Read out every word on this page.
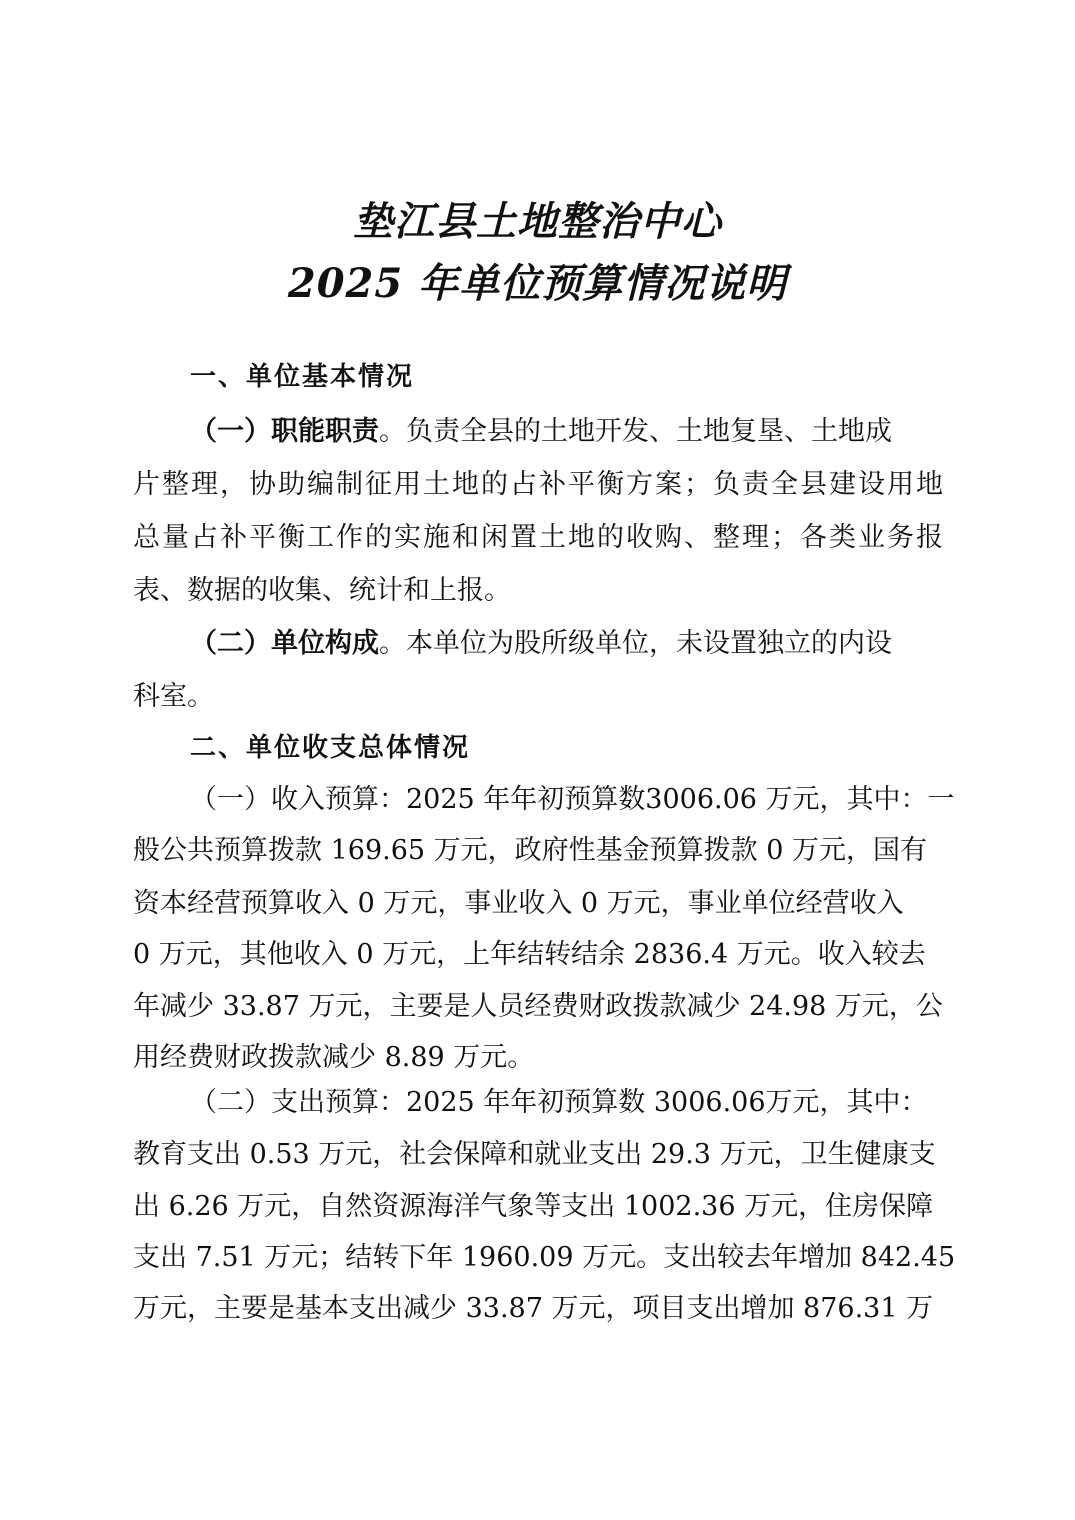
垫江县土地整治中心
2025 年单位预算情况说明
一、单位基本情况
（一）职能职责。负责全县的土地开发、土地复垦、土地成
片整理，协助编制征用土地的占补平衡方案；负责全县建设用地
总量占补平衡工作的实施和闲置土地的收购、整理；各类业务报
表、数据的收集、统计和上报。
（二）单位构成。本单位为股所级单位，未设置独立的内设
科室。
二、单位收支总体情况
（一）收入预算：2025 年年初预算数3006.06 万元，其中：一
般公共预算拨款 169.65 万元，政府性基金预算拨款 0 万元，国有
资本经营预算收入 0 万元，事业收入 0 万元，事业单位经营收入
0 万元，其他收入 0 万元，上年结转结余 2836.4 万元。收入较去
年减少 33.87 万元，主要是人员经费财政拨款减少 24.98 万元，公
用经费财政拨款减少 8.89 万元。
（二）支出预算：2025 年年初预算数 3006.06万元，其中：
教育支出 0.53 万元，社会保障和就业支出 29.3 万元，卫生健康支
出 6.26 万元，自然资源海洋气象等支出 1002.36 万元，住房保障
支出 7.51 万元；结转下年 1960.09 万元。支出较去年增加 842.45
万元，主要是基本支出减少 33.87 万元，项目支出增加 876.31 万
